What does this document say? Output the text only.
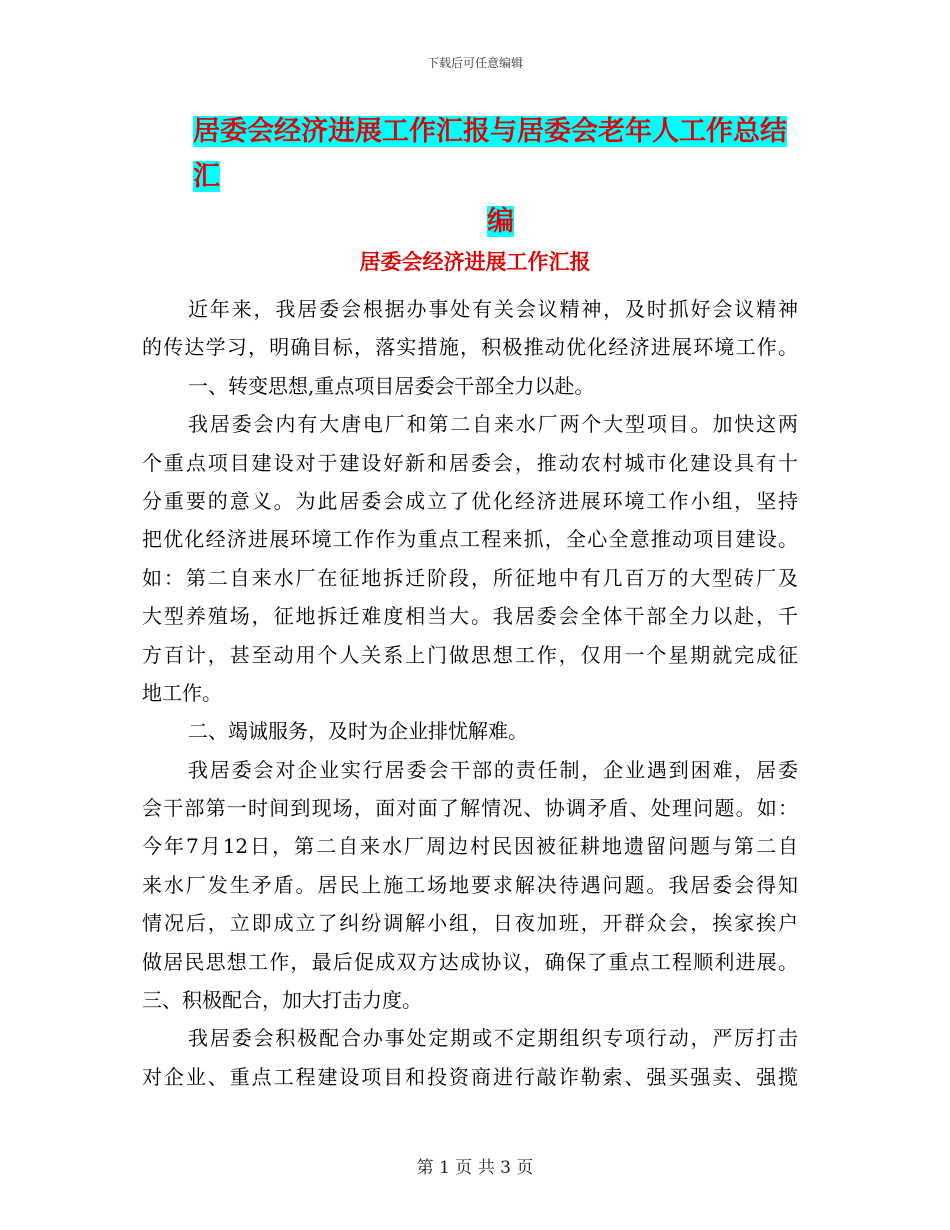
下载后可任意编辑
居委会经济进展工作汇报与居委会老年人工作总结汇
编
居委会经济进展工作汇报
近年来，我居委会根据办事处有关会议精神，及时抓好会议精神
的传达学习，明确目标，落实措施，积极推动优化经济进展环境工作。
一、转变思想,重点项目居委会干部全力以赴。
我居委会内有大唐电厂和第二自来水厂两个大型项目。加快这两
个重点项目建设对于建设好新和居委会，推动农村城市化建设具有十
分重要的意义。为此居委会成立了优化经济进展环境工作小组，坚持
把优化经济进展环境工作作为重点工程来抓，全心全意推动项目建设。
如：第二自来水厂在征地拆迁阶段，所征地中有几百万的大型砖厂及
大型养殖场，征地拆迁难度相当大。我居委会全体干部全力以赴，千
方百计，甚至动用个人关系上门做思想工作，仅用一个星期就完成征
地工作。
二、竭诚服务，及时为企业排忧解难。
我居委会对企业实行居委会干部的责任制，企业遇到困难，居委
会干部第一时间到现场，面对面了解情况、协调矛盾、处理问题。如：
今年7月12日，第二自来水厂周边村民因被征耕地遗留问题与第二自
来水厂发生矛盾。居民上施工场地要求解决待遇问题。我居委会得知
情况后，立即成立了纠纷调解小组，日夜加班，开群众会，挨家挨户
做居民思想工作，最后促成双方达成协议，确保了重点工程顺利进展。
三、积极配合，加大打击力度。
我居委会积极配合办事处定期或不定期组织专项行动，严厉打击
对企业、重点工程建设项目和投资商进行敲诈勒索、强买强卖、强揽
第 1 页 共 3 页
